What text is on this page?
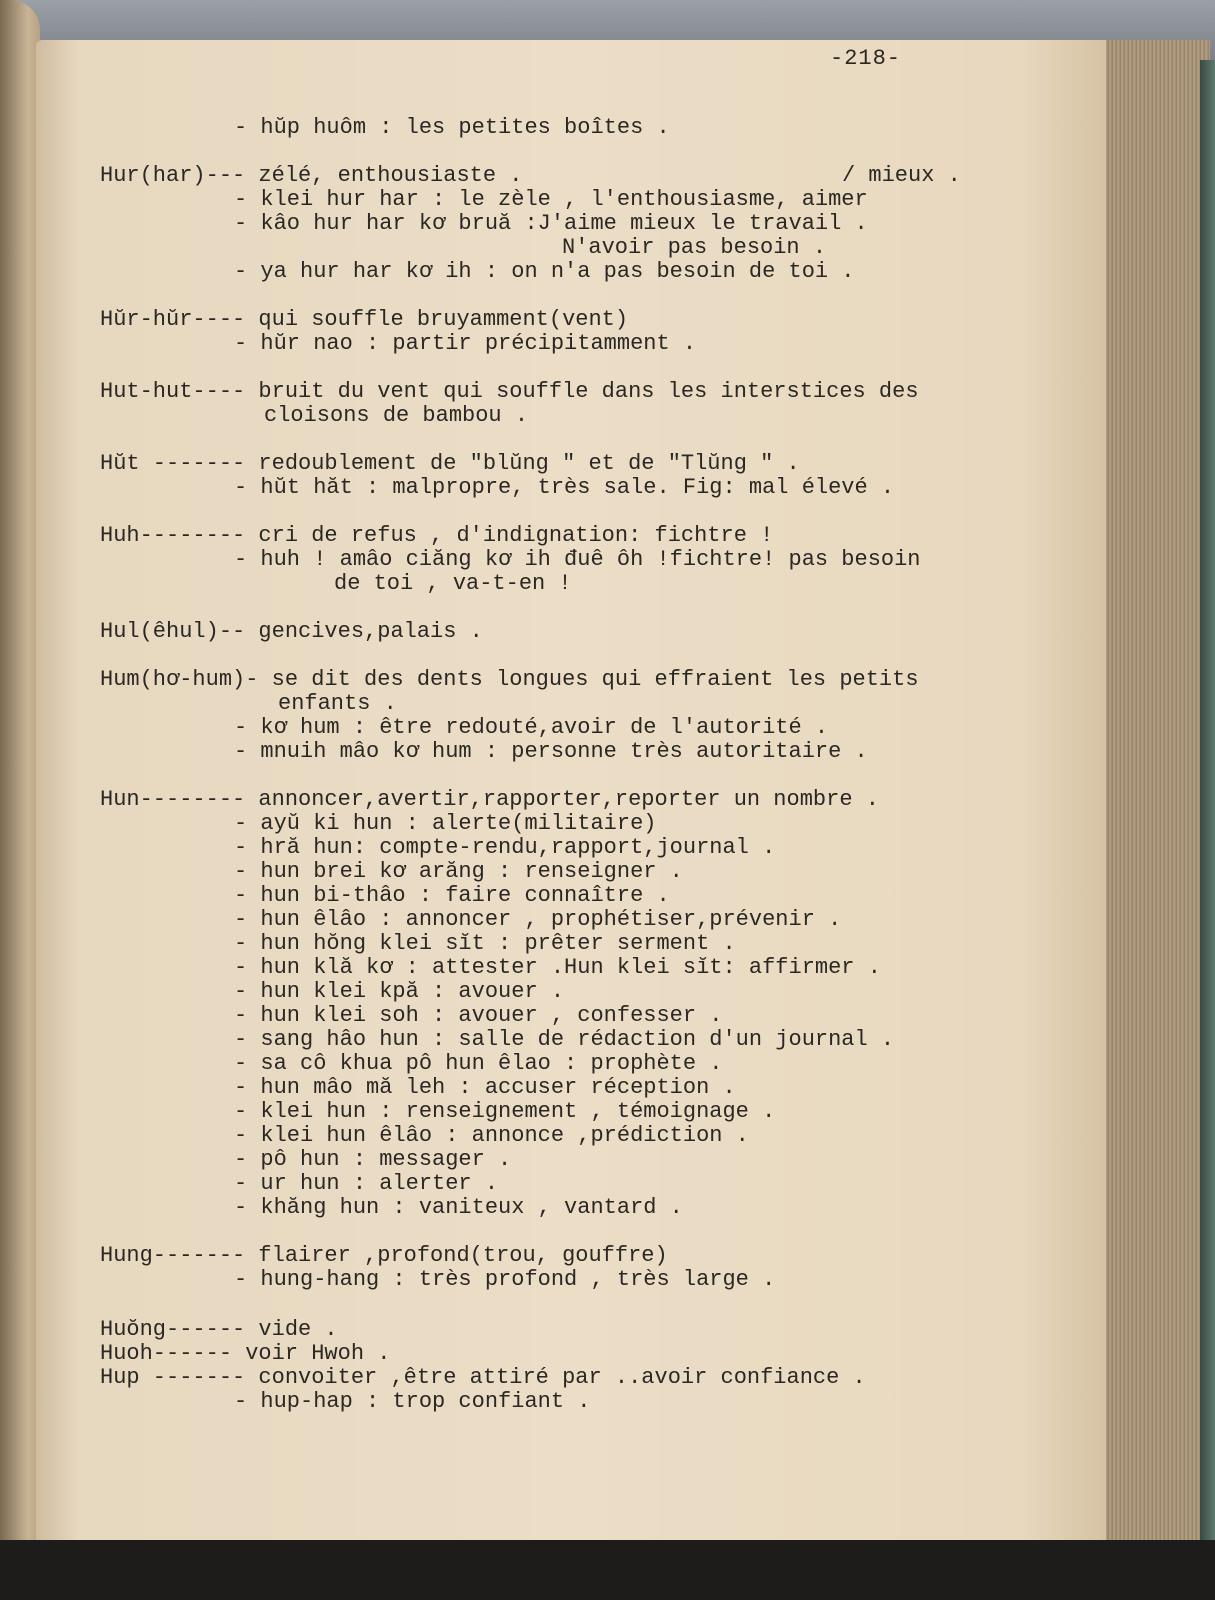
-218-
- hŭp huôm : les petites boîtes .
Hur(har)--- zélé, enthousiaste .	/ mieux .
- klei hur har : le zèle , l'enthousiasme, aimer
- kâo hur har kơ bruă :J'aime mieux le travail .
N'avoir pas besoin .
- ya hur har kơ ih : on n'a pas besoin de toi .
Hŭr-hŭr---- qui souffle bruyamment(vent)
- hŭr nao : partir précipitamment .
Hut-hut---- bruit du vent qui souffle dans les interstices des
cloisons de bambou .
Hŭt ------- redoublement de "blŭng " et de "Tlŭng " .
- hŭt hăt : malpropre, très sale. Fig: mal élevé .
Huh-------- cri de refus , d'indignation: fichtre !
- huh ! amâo ciăng kơ ih đuê ôh !fichtre! pas besoin
de toi , va-t-en !
Hul(êhul)-- gencives,palais .
Hum(hơ-hum)- se dit des dents longues qui effraient les petits
enfants .
- kơ hum : être redouté,avoir de l'autorité .
- mnuih mâo kơ hum : personne très autoritaire .
Hun-------- annoncer,avertir,rapporter,reporter un nombre .
- ayŭ ki hun : alerte(militaire)
- hră hun: compte-rendu,rapport,journal .
- hun brei kơ arăng : renseigner .
- hun bi-thâo : faire connaître .
- hun êlâo : annoncer , prophétiser,prévenir .
- hun hŏng klei sĭt : prêter serment .
- hun klă kơ : attester .Hun klei sĭt: affirmer .
- hun klei kpă : avouer .
- hun klei soh : avouer , confesser .
- sang hâo hun : salle de rédaction d'un journal .
- sa cô khua pô hun êlao : prophète .
- hun mâo mă leh : accuser réception .
- klei hun : renseignement , témoignage .
- klei hun êlâo : annonce ,prédiction .
- pô hun : messager .
- ur hun : alerter .
- khăng hun : vaniteux , vantard .
Hung------- flairer ,profond(trou, gouffre)
- hung-hang : très profond , très large .
Huŏng------ vide .
Huoh------ voir Hwoh .
Hup ------- convoiter ,être attiré par ..avoir confiance .
- hup-hap : trop confiant .
